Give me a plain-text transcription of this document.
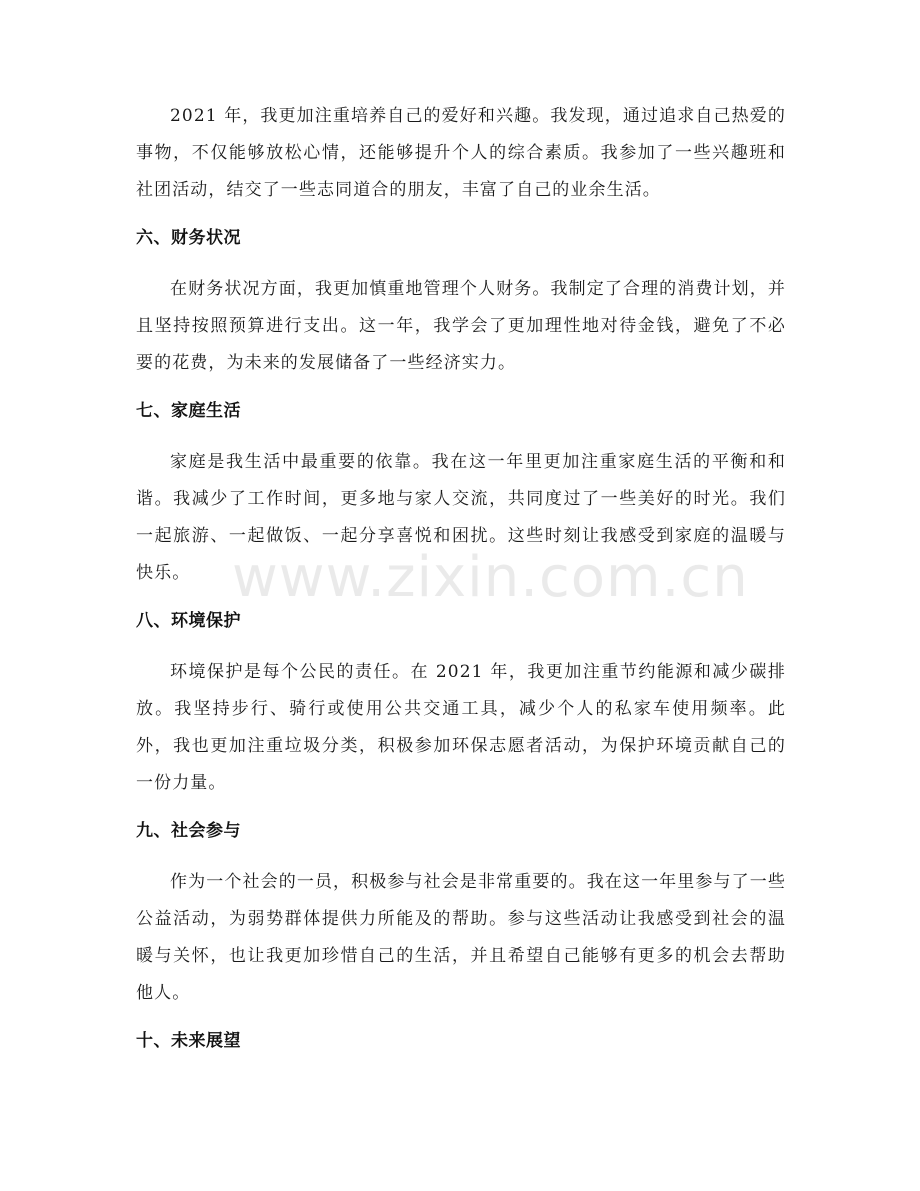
www.zixin.com.cn

2021 年，我更加注重培养自己的爱好和兴趣。我发现，通过追求自己热爱的事物，不仅能够放松心情，还能够提升个人的综合素质。我参加了一些兴趣班和社团活动，结交了一些志同道合的朋友，丰富了自己的业余生活。

六、财务状况

在财务状况方面，我更加慎重地管理个人财务。我制定了合理的消费计划，并且坚持按照预算进行支出。这一年，我学会了更加理性地对待金钱，避免了不必要的花费，为未来的发展储备了一些经济实力。

七、家庭生活

家庭是我生活中最重要的依靠。我在这一年里更加注重家庭生活的平衡和和谐。我减少了工作时间，更多地与家人交流，共同度过了一些美好的时光。我们一起旅游、一起做饭、一起分享喜悦和困扰。这些时刻让我感受到家庭的温暖与快乐。

八、环境保护

环境保护是每个公民的责任。在 2021 年，我更加注重节约能源和减少碳排放。我坚持步行、骑行或使用公共交通工具，减少个人的私家车使用频率。此外，我也更加注重垃圾分类，积极参加环保志愿者活动，为保护环境贡献自己的一份力量。

九、社会参与

作为一个社会的一员，积极参与社会是非常重要的。我在这一年里参与了一些公益活动，为弱势群体提供力所能及的帮助。参与这些活动让我感受到社会的温暖与关怀，也让我更加珍惜自己的生活，并且希望自己能够有更多的机会去帮助他人。

十、未来展望
